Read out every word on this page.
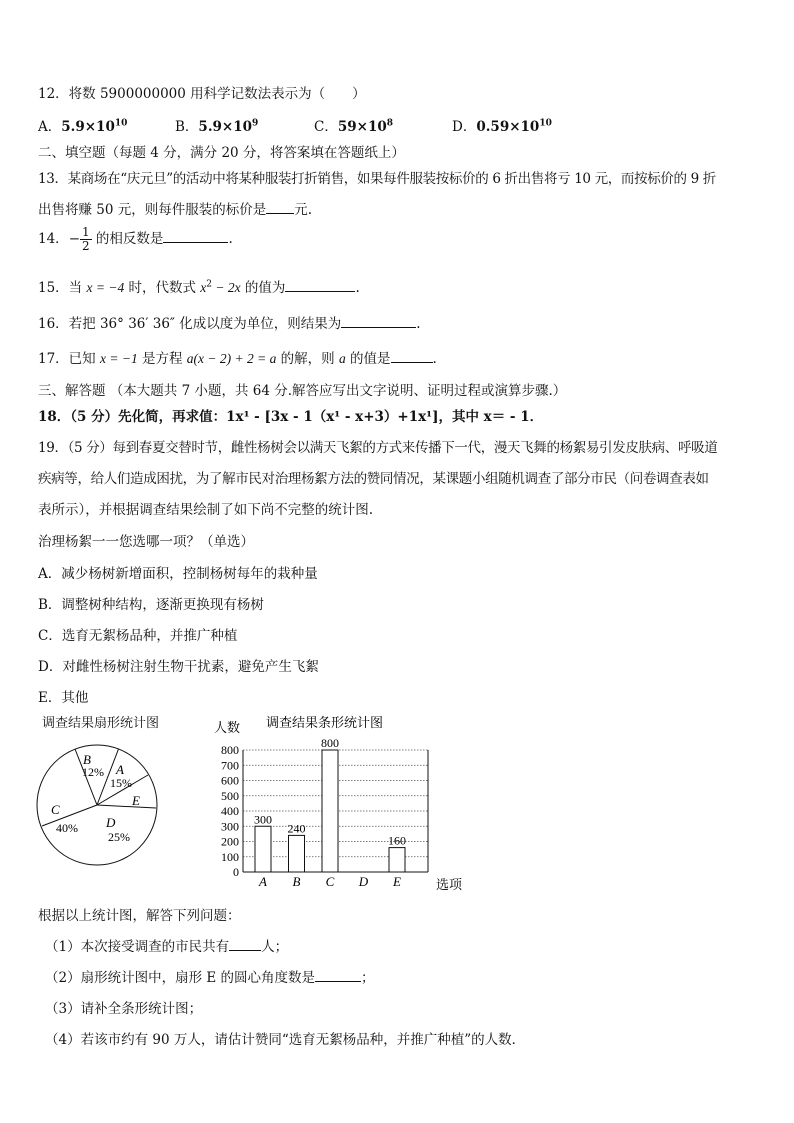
12．将数 5900000000 用科学记数法表示为（　　）
A．$5.9\times 10^{10}$	B．$5.9\times 10^9$	C．$59\times 10^8$	D．$0.59\times 10^{10}$
二、填空题（每题 4 分，满分 20 分，将答案填在答题纸上）
13．某商场在“庆元旦”的活动中将某种服装打折销售，如果每件服装按标价的 6 折出售将亏 10 元，而按标价的 9 折
出售将赚 50 元，则每件服装的标价是 元.
14．− $\frac{1}{2}$ 的相反数是	.
15．当 x = −4 时，代数式 $x^2 - 2x$ 的值为	.
16．若把 36° 36′ 36″ 化成以度为单位，则结果为	.
17．已知 x = −1 是方程 a(x − 2) + 2 = a 的解，则 a 的值是	.
三、解答题 （本大题共 7 小题，共 64 分.解答应写出文字说明、证明过程或演算步骤.）
18．（5 分）先化简，再求值：1x¹ - [3x - 1（x¹ - x+3）+1x¹]，其中 x＝ - 1．
19．（5 分）每到春夏交替时节，雌性杨树会以满天飞絮的方式来传播下一代，漫天飞舞的杨絮易引发皮肤病、呼吸道
疾病等，给人们造成困扰，为了解市民对治理杨絮方法的赞同情况，某课题小组随机调查了部分市民（问卷调查表如
表所示），并根据调查结果绘制了如下尚不完整的统计图.
治理杨絮一一您选哪一项？（单选）
A．减少杨树新增面积，控制杨树每年的栽种量
B．调整树种结构，逐渐更换现有杨树
C．选育无絮杨品种，并推广种植
D．对雌性杨树注射生物干扰素，避免产生飞絮
E．其他
调查结果扇形统计图
B
12% A
15%
E
C
40% D
25%
调查结果条形统计图
人数
选项
0
100
200
300
400
500
600
700
800
A B C D E
300
240
800
160
根据以上统计图，解答下列问题：
（1）本次接受调查的市民共有 人；
（2）扇形统计图中，扇形 E 的圆心角度数是	；
（3）请补全条形统计图；
（4）若该市约有 90 万人，请估计赞同“选育无絮杨品种，并推广种植”的人数．
